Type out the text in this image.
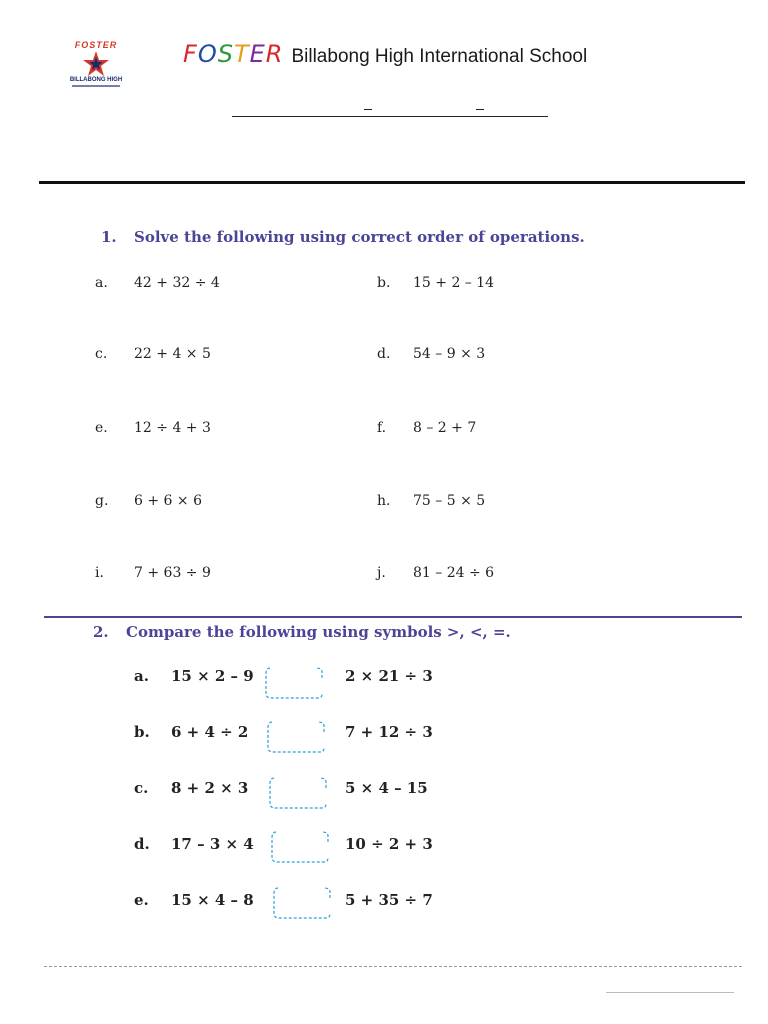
FOSTER
BILLABONG HIGH
FOSTER Billabong High International School
1. Solve the following using correct order of operations.
a. 42 + 32 ÷ 4	b. 15 + 2 – 14
c. 22 + 4 × 5	d. 54 – 9 × 3
e. 12 ÷ 4 + 3	f. 8 – 2 + 7
g. 6 + 6 × 6	h. 75 – 5 × 5
i. 7 + 63 ÷ 9	j. 81 – 24 ÷ 6
2. Compare the following using symbols >, <, =.
a. 15 × 2 – 9	2 × 21 ÷ 3
b. 6 + 4 ÷ 2	7 + 12 ÷ 3
c. 8 + 2 × 3	5 × 4 – 15
d. 17 – 3 × 4	10 ÷ 2 + 3
e. 15 × 4 – 8	5 + 35 ÷ 7
